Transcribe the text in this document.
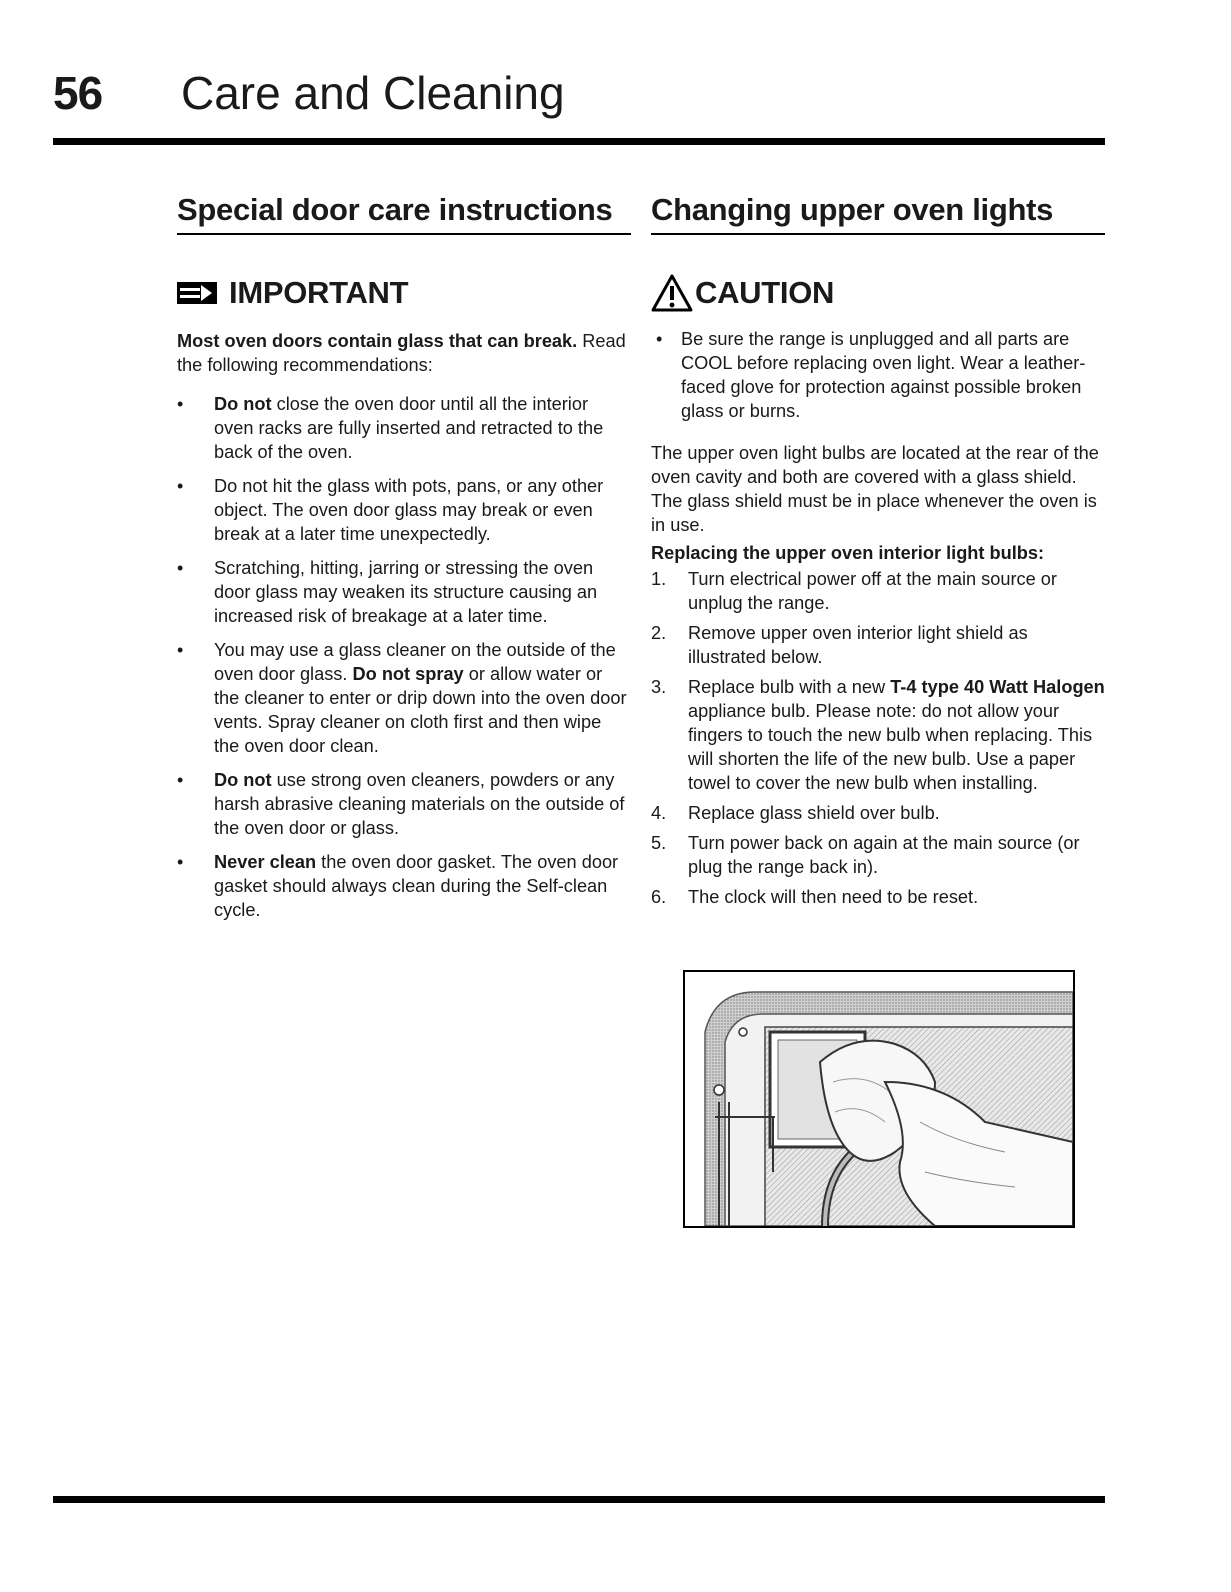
56 Care and Cleaning
Special door care instructions
IMPORTANT
Most oven doors contain glass that can break. Read the following recommendations:
• Do not close the oven door until all the interior oven racks are fully inserted and retracted to the back of the oven.
• Do not hit the glass with pots, pans, or any other object. The oven door glass may break or even break at a later time unexpectedly.
• Scratching, hitting, jarring or stressing the oven door glass may weaken its structure causing an increased risk of breakage at a later time.
• You may use a glass cleaner on the outside of the oven door glass. Do not spray or allow water or the cleaner to enter or drip down into the oven door vents. Spray cleaner on cloth first and then wipe the oven door clean.
• Do not use strong oven cleaners, powders or any harsh abrasive cleaning materials on the outside of the oven door or glass.
• Never clean the oven door gasket. The oven door gasket should always clean during the Self-clean cycle.
Changing upper oven lights
CAUTION
• Be sure the range is unplugged and all parts are COOL before replacing oven light. Wear a leather-faced glove for protection against possible broken glass or burns.
The upper oven light bulbs are located at the rear of the oven cavity and both are covered with a glass shield. The glass shield must be in place whenever the oven is in use.
Replacing the upper oven interior light bulbs:
1. Turn electrical power off at the main source or unplug the range.
2. Remove upper oven interior light shield as illustrated below.
3. Replace bulb with a new T-4 type 40 Watt Halogen appliance bulb. Please note: do not allow your fingers to touch the new bulb when replacing. This will shorten the life of the new bulb. Use a paper towel to cover the new bulb when installing.
4. Replace glass shield over bulb.
5. Turn power back on again at the main source (or plug the range back in).
6. The clock will then need to be reset.
